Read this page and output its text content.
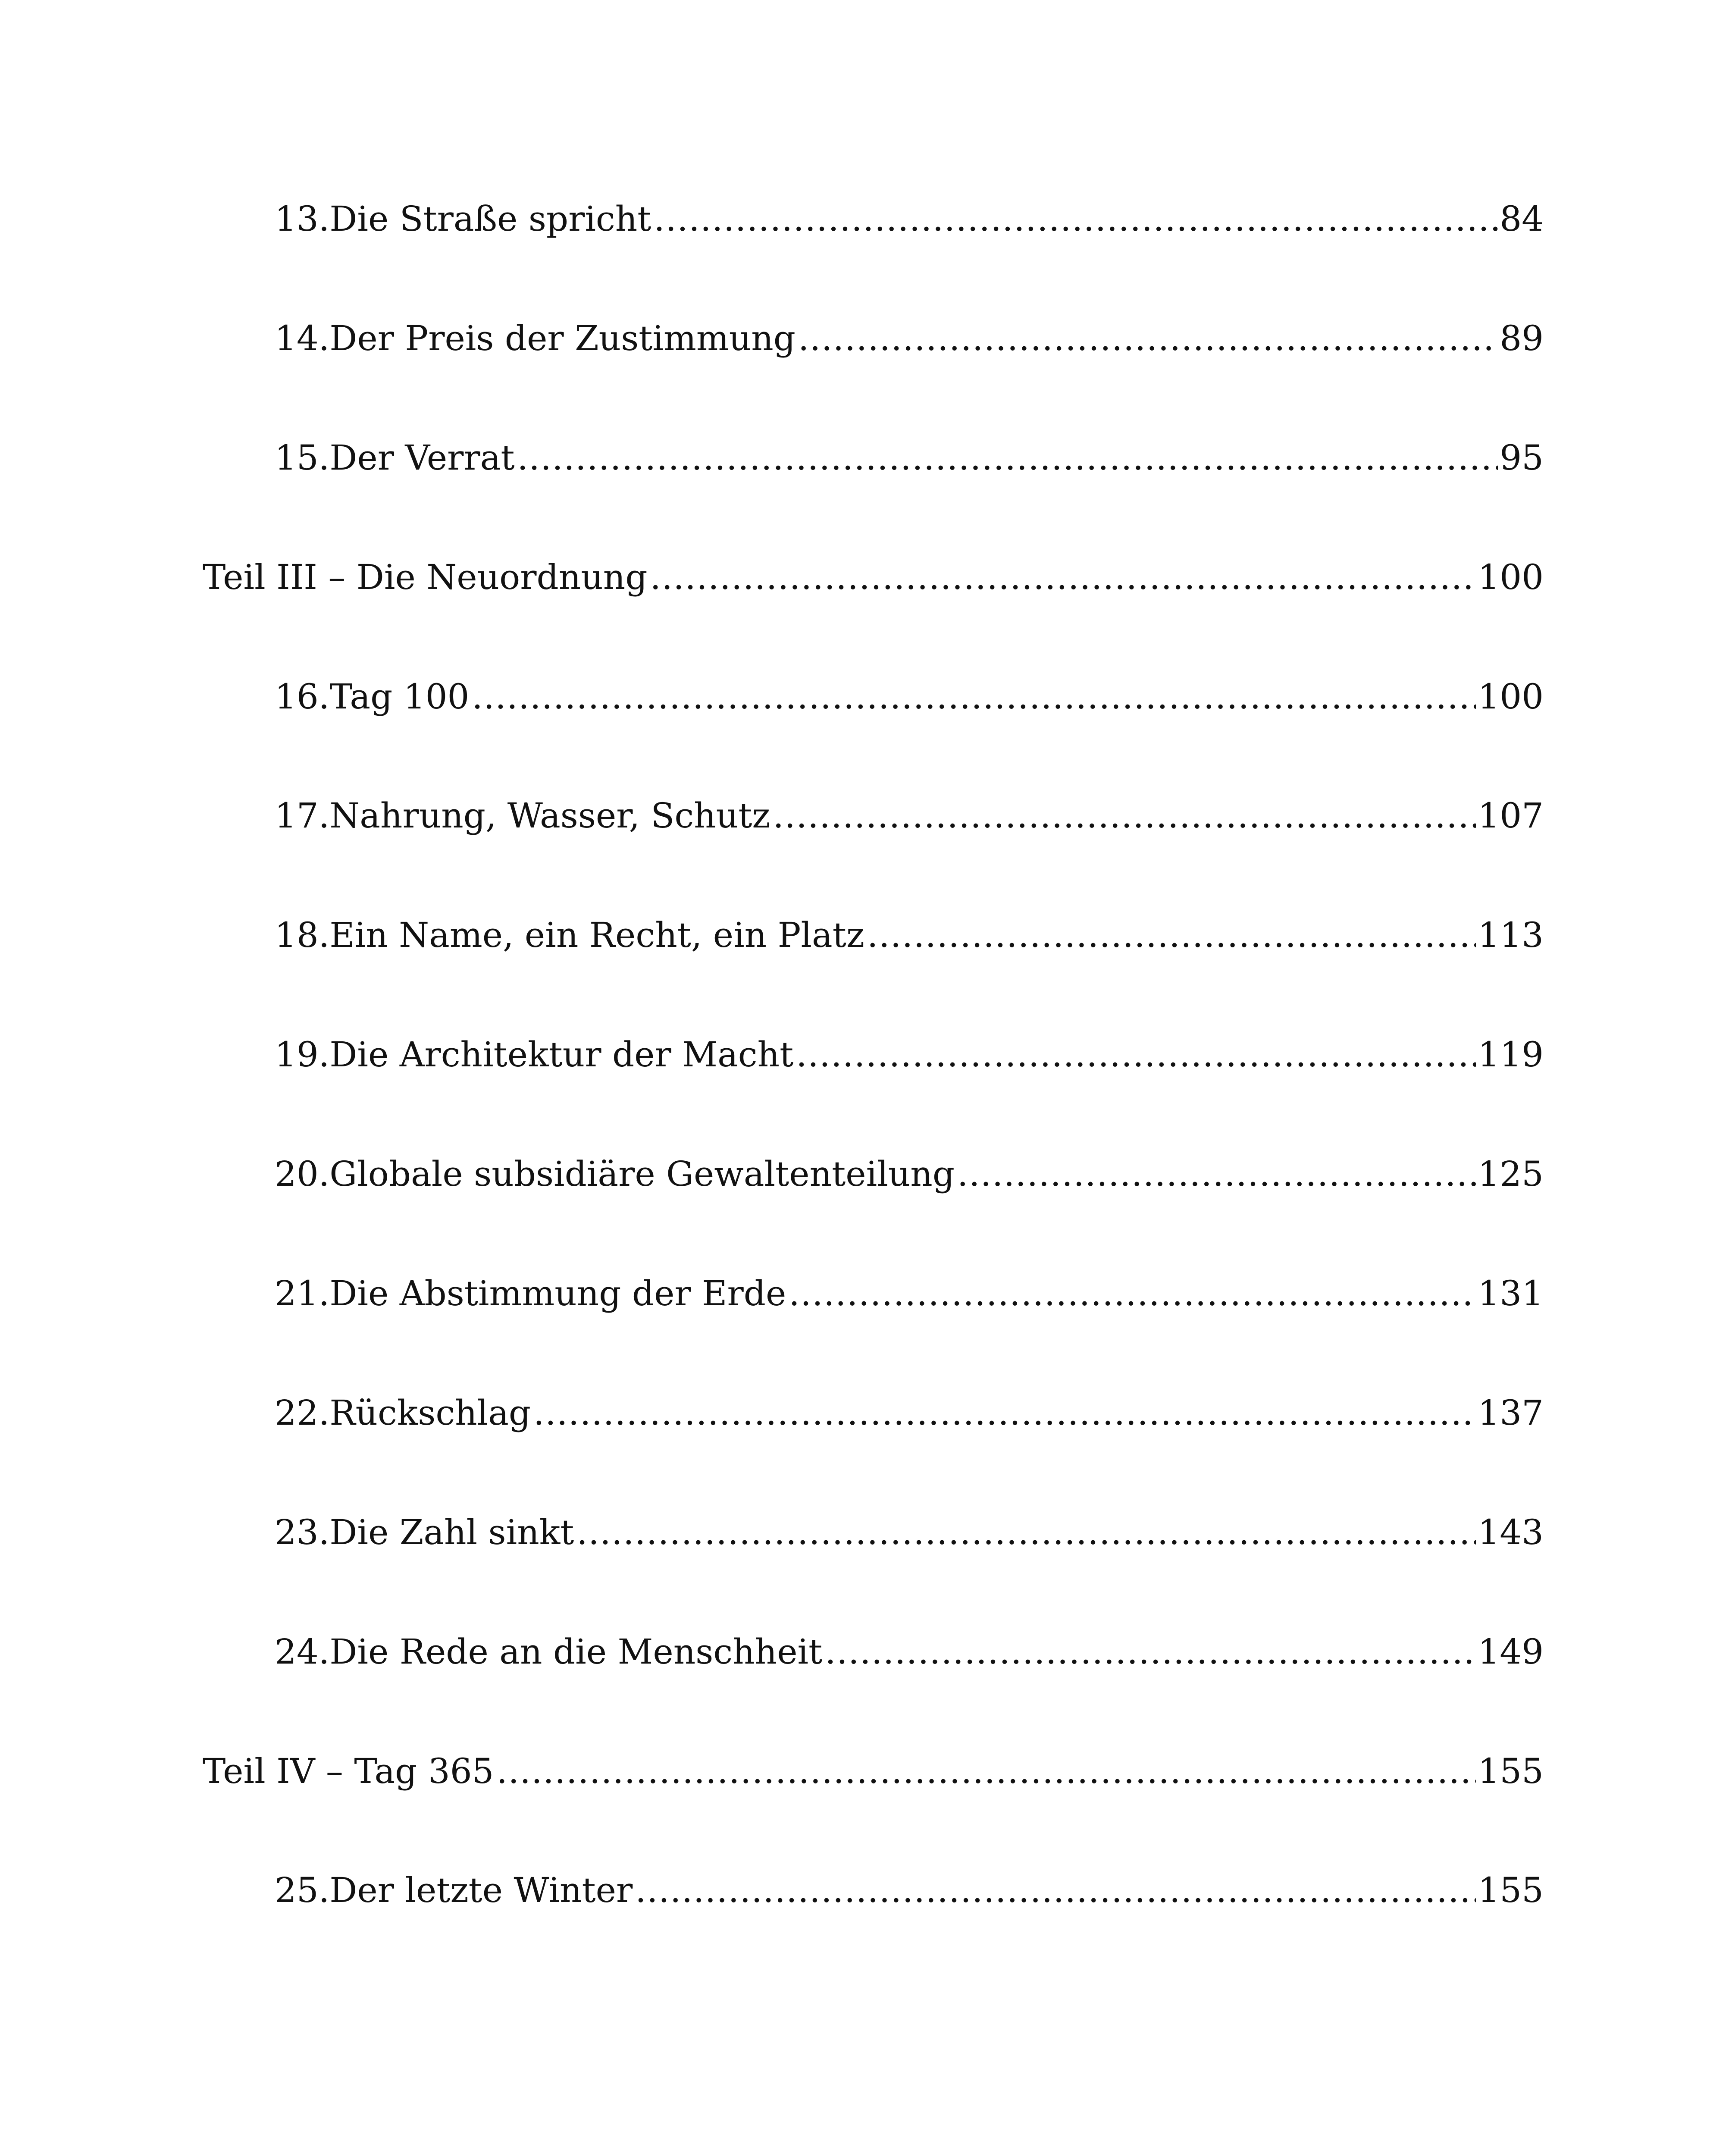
13.Die Straße spricht .....	84
14.Der Preis der Zustimmung .....	89
15.Der Verrat .....	95
Teil III – Die Neuordnung .....	100
16.Tag 100 .....	100
17.Nahrung, Wasser, Schutz .....	107
18.Ein Name, ein Recht, ein Platz .....	113
19.Die Architektur der Macht .....	119
20.Globale subsidiäre Gewaltenteilung .....	125
21.Die Abstimmung der Erde .....	131
22.Rückschlag .....	137
23.Die Zahl sinkt .....	143
24.Die Rede an die Menschheit .....	149
Teil IV – Tag 365 .....	155
25.Der letzte Winter .....	155
